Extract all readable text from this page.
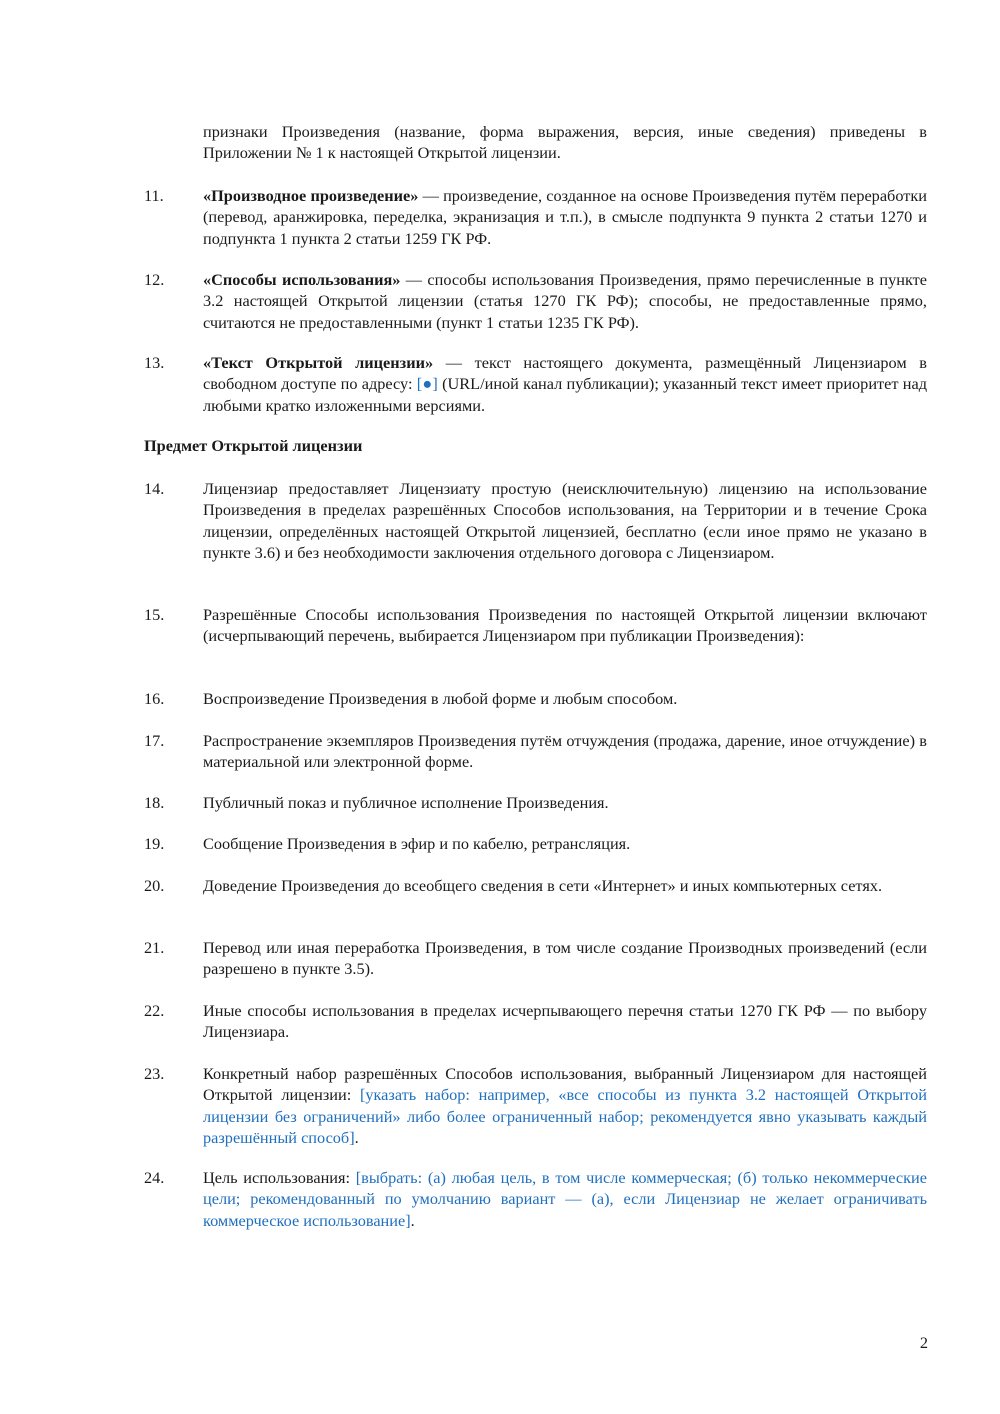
признаки Произведения (название, форма выражения, версия, иные сведения) приведены в Приложении № 1 к настоящей Открытой лицензии.
11.	«Производное произведение» — произведение, созданное на основе Произведения путём переработки (перевод, аранжировка, переделка, экранизация и т.п.), в смысле подпункта 9 пункта 2 статьи 1270 и подпункта 1 пункта 2 статьи 1259 ГК РФ.
12.	«Способы использования» — способы использования Произведения, прямо перечисленные в пункте 3.2 настоящей Открытой лицензии (статья 1270 ГК РФ); способы, не предоставленные прямо, считаются не предоставленными (пункт 1 статьи 1235 ГК РФ).
13.	«Текст Открытой лицензии» — текст настоящего документа, размещённый Лицензиаром в свободном доступе по адресу: [●] (URL/иной канал публикации); указанный текст имеет приоритет над любыми кратко изложенными версиями.
Предмет Открытой лицензии
14.	Лицензиар предоставляет Лицензиату простую (неисключительную) лицензию на использование Произведения в пределах разрешённых Способов использования, на Территории и в течение Срока лицензии, определённых настоящей Открытой лицензией, бесплатно (если иное прямо не указано в пункте 3.6) и без необходимости заключения отдельного договора с Лицензиаром.
15.	Разрешённые Способы использования Произведения по настоящей Открытой лицензии включают (исчерпывающий перечень, выбирается Лицензиаром при публикации Произведения):
16.	Воспроизведение Произведения в любой форме и любым способом.
17.	Распространение экземпляров Произведения путём отчуждения (продажа, дарение, иное отчуждение) в материальной или электронной форме.
18.	Публичный показ и публичное исполнение Произведения.
19.	Сообщение Произведения в эфир и по кабелю, ретрансляция.
20.	Доведение Произведения до всеобщего сведения в сети «Интернет» и иных компьютерных сетях.
21.	Перевод или иная переработка Произведения, в том числе создание Производных произведений (если разрешено в пункте 3.5).
22.	Иные способы использования в пределах исчерпывающего перечня статьи 1270 ГК РФ — по выбору Лицензиара.
23.	Конкретный набор разрешённых Способов использования, выбранный Лицензиаром для настоящей Открытой лицензии: [указать набор: например, «все способы из пункта 3.2 настоящей Открытой лицензии без ограничений» либо более ограниченный набор; рекомендуется явно указывать каждый разрешённый способ].
24.	Цель использования: [выбрать: (а) любая цель, в том числе коммерческая; (б) только некоммерческие цели; рекомендованный по умолчанию вариант — (а), если Лицензиар не желает ограничивать коммерческое использование].
2
